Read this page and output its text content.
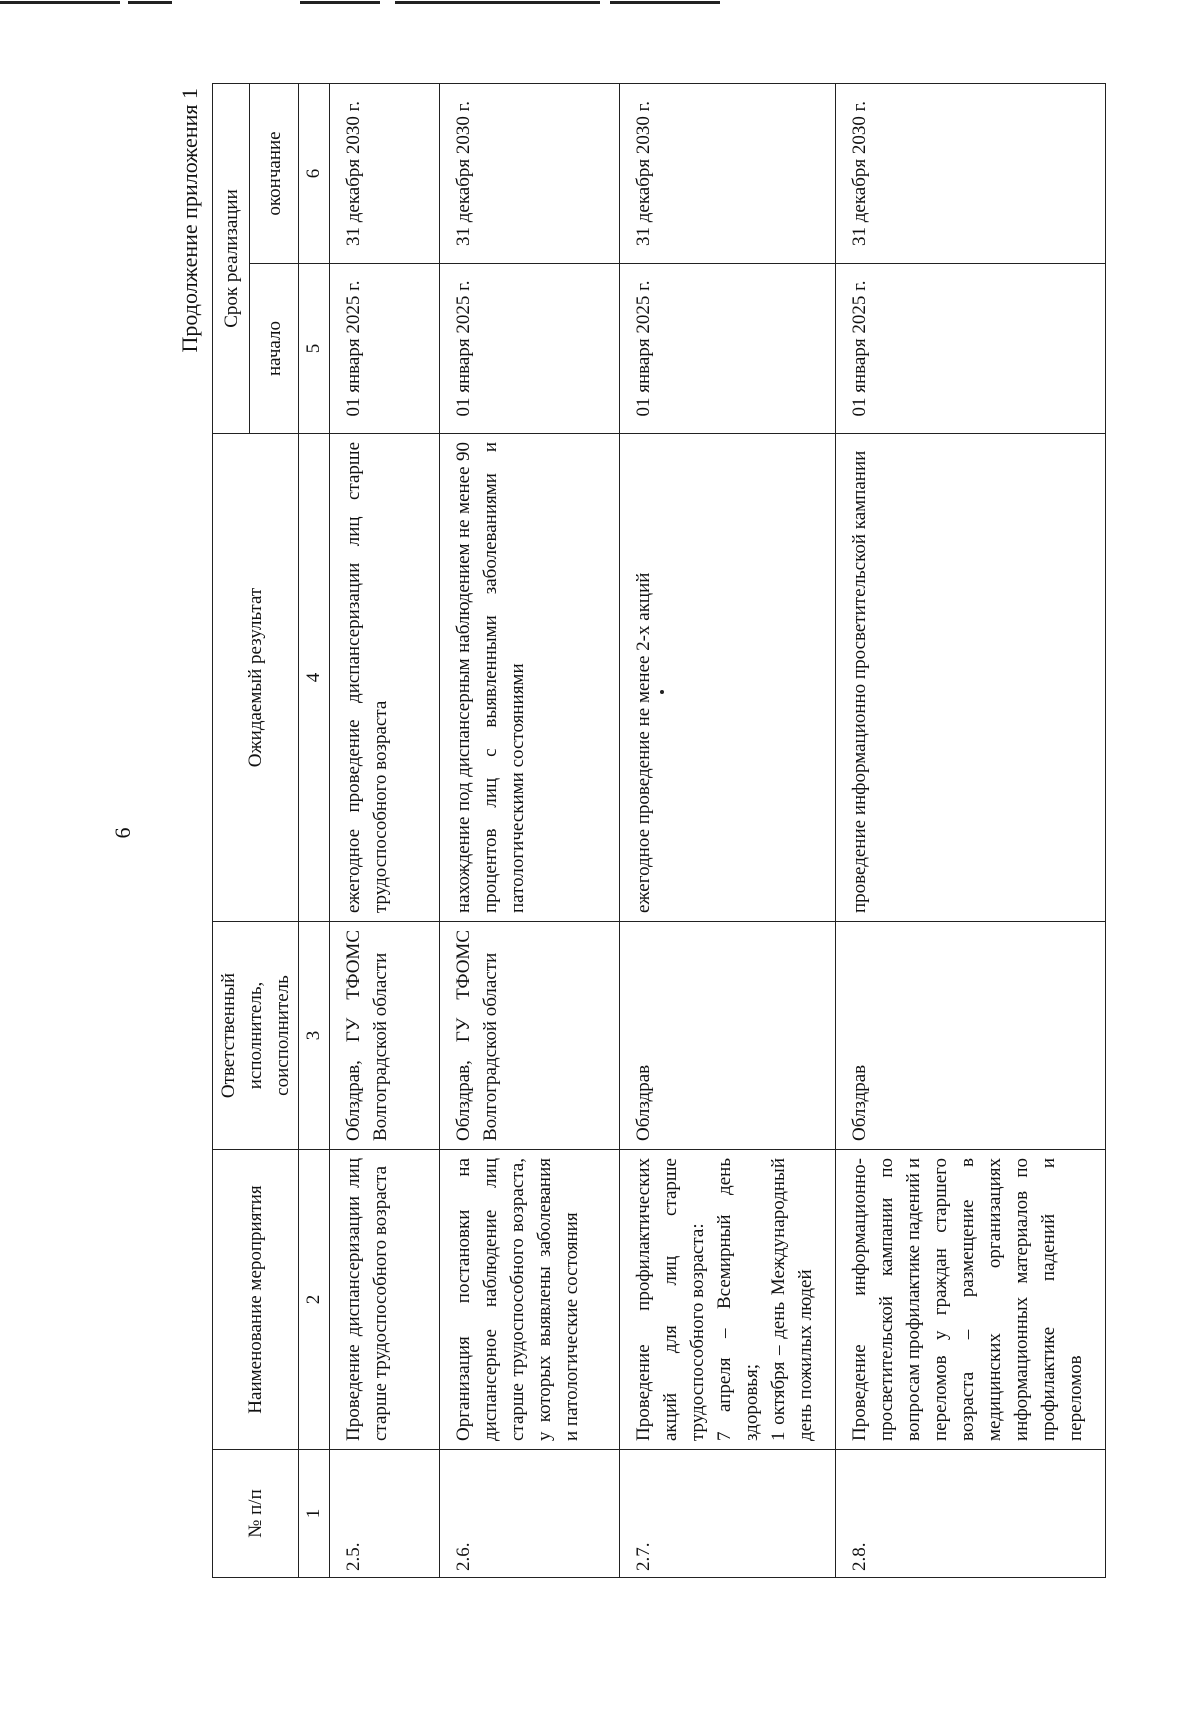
6
Продолжение приложения 1
№ п/п	Наименование мероприятия	Ответственный исполнитель, соисполнитель	Ожидаемый результат	Срок реализации	
				начало	окончание
1	2	3	4	5	6
2.5.	Проведение диспансеризации лиц старше трудоспособного возраста	Облздрав, ГУ ТФОМС Волгоградской области	ежегодное проведение диспансеризации лиц старше трудоспособного возраста	01 января 2025 г.	31 декабря 2030 г.
2.6.	Организация постановки на диспансерное наблюдение лиц старше трудоспособного возраста, у которых выявлены заболевания и патологические состояния	Облздрав, ГУ ТФОМС Волгоградской области	нахождение под диспансерным наблюдением не менее 90 процентов лиц с выявленными заболеваниями и патологическими состояниями	01 января 2025 г.	31 декабря 2030 г.
2.7.	Проведение профилактических акций для лиц старше трудоспособного возраста: 7 апреля – Всемирный день здоровья; 1 октября – день Международный день пожилых людей	Облздрав	ежегодное проведение не менее 2-х акций	01 января 2025 г.	31 декабря 2030 г.
2.8.	Проведение информационно-просветительской кампании по вопросам профилактике падений и переломов у граждан старшего возраста – размещение в медицинских организациях информационных материалов по профилактике падений и переломов	Облздрав	проведение информационно просветительской кампании	01 января 2025 г.	31 декабря 2030 г.
